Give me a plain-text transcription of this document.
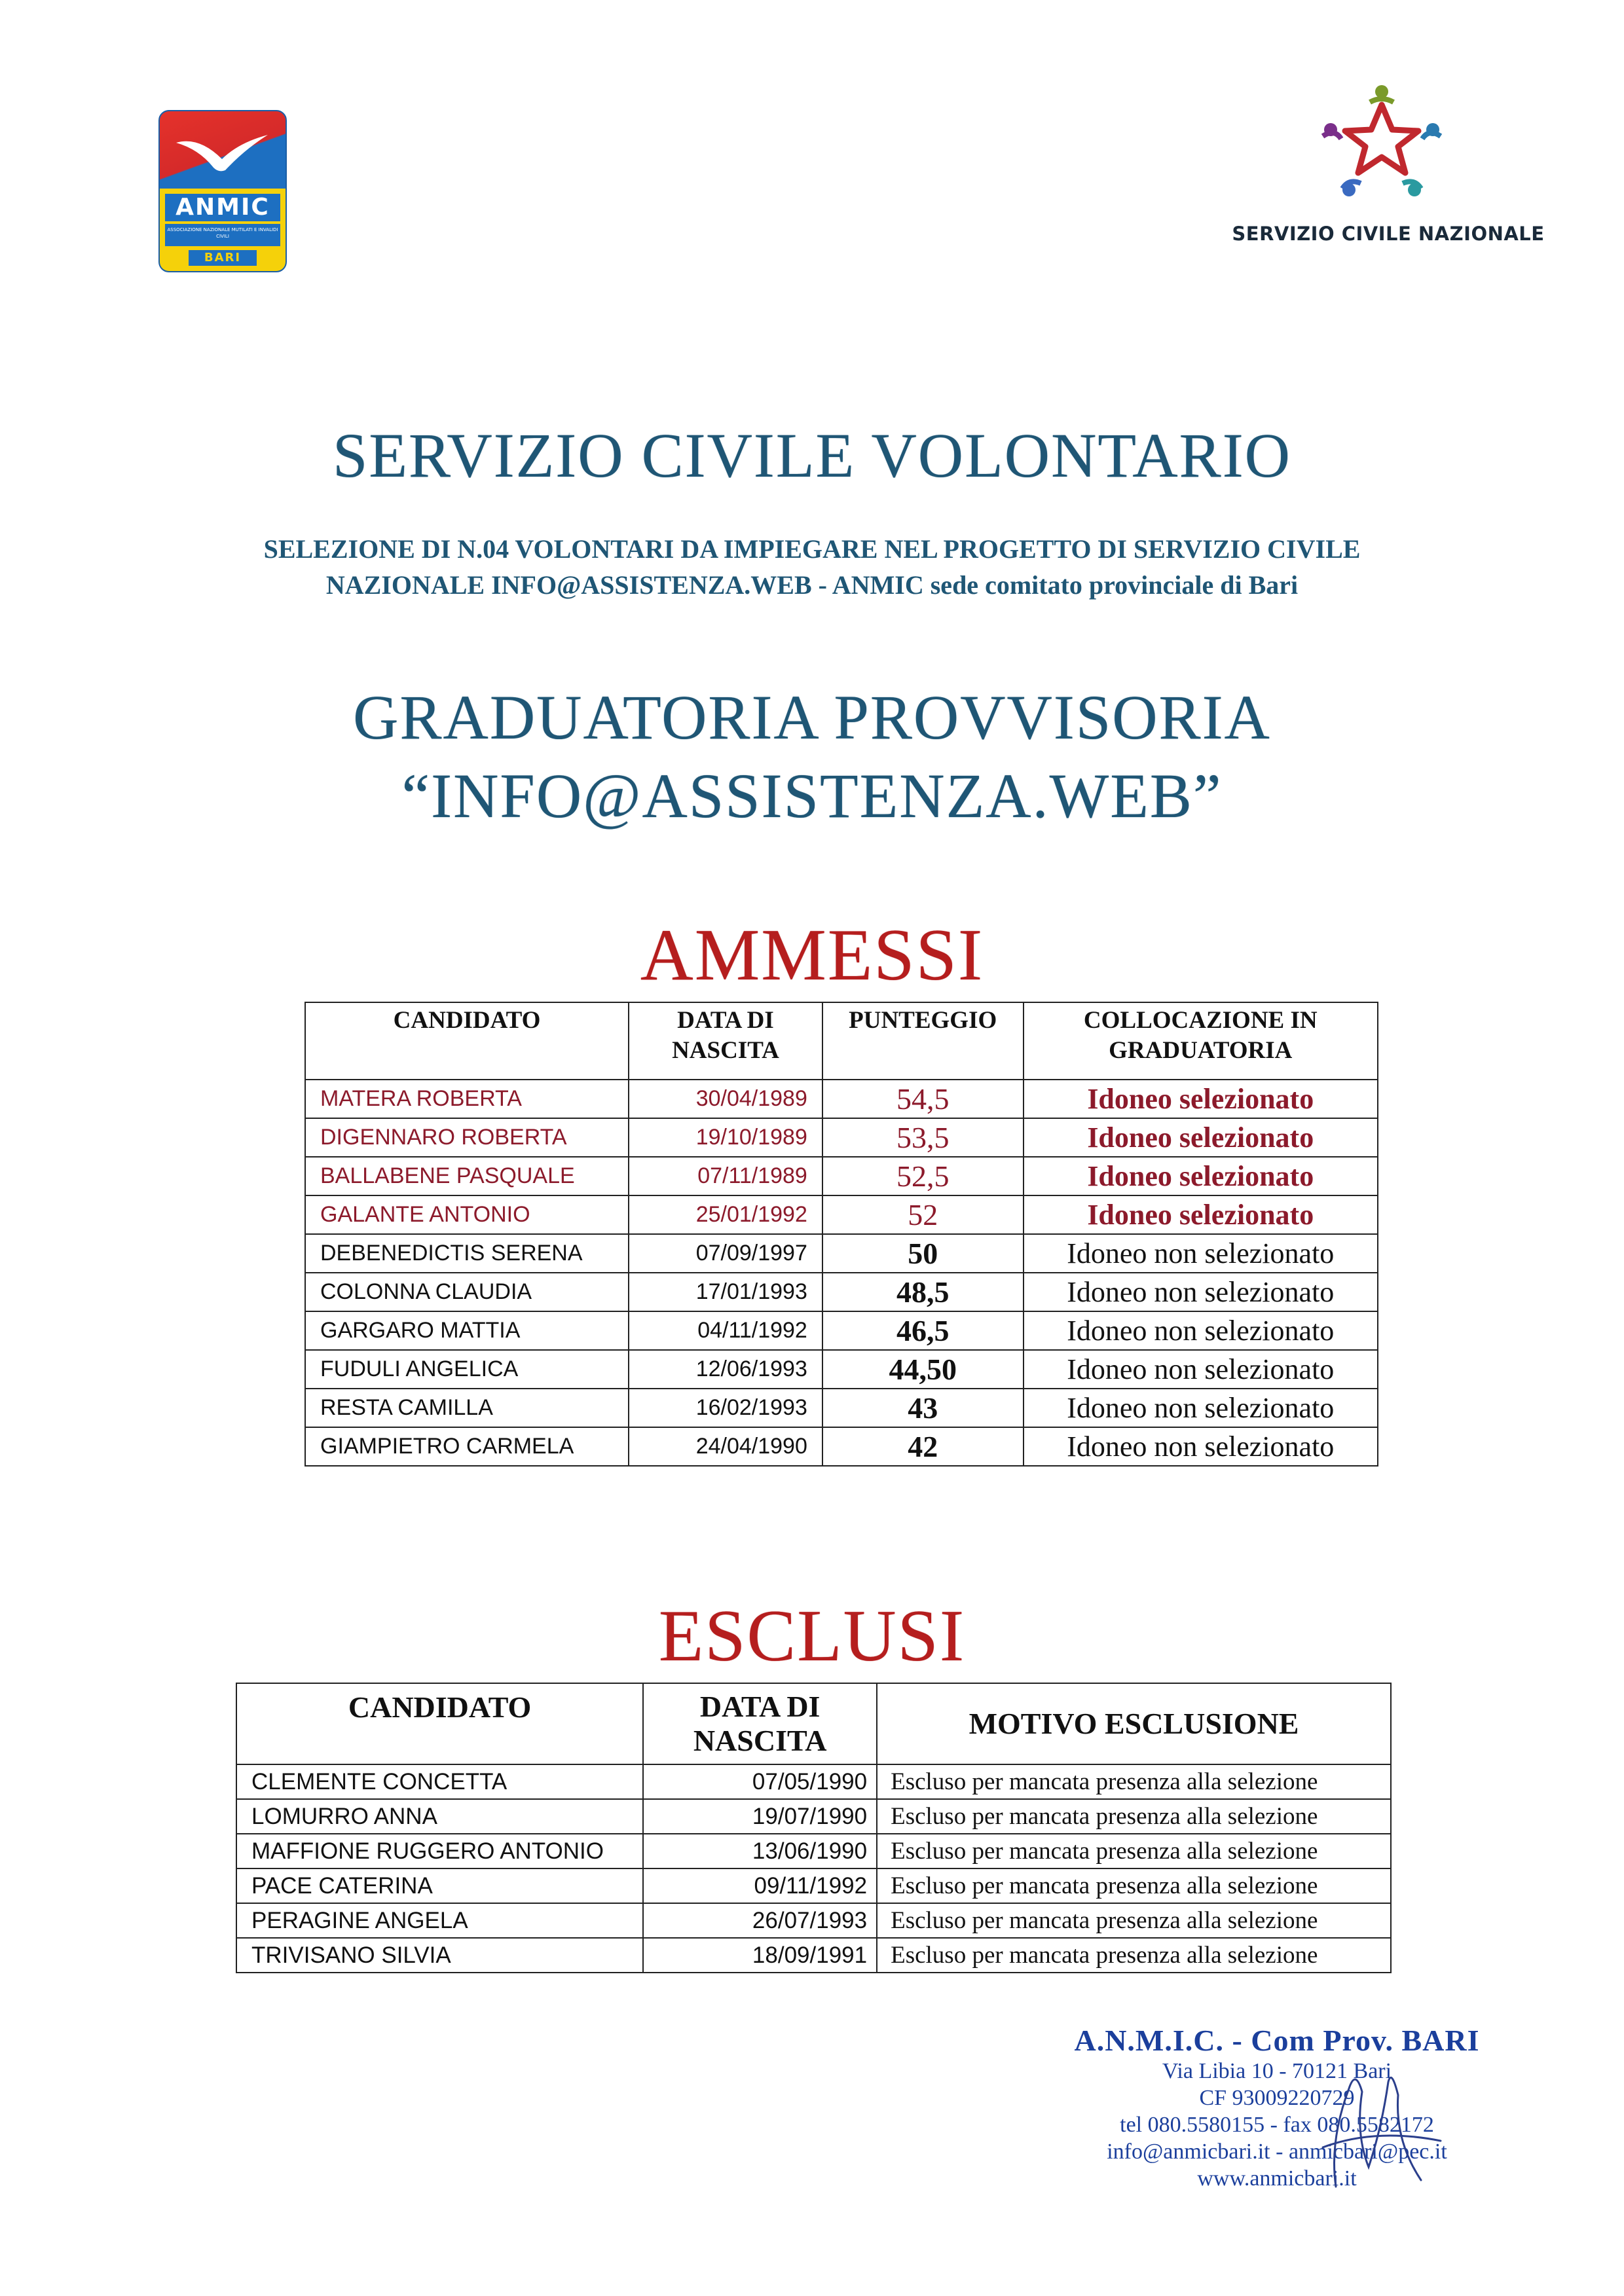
ANMIC
ASSOCIAZIONE NAZIONALE MUTILATI E INVALIDI CIVILI
BARI
SERVIZIO CIVILE NAZIONALE
SERVIZIO CIVILE VOLONTARIO
SELEZIONE DI N.04 VOLONTARI DA IMPIEGARE NEL PROGETTO DI SERVIZIO CIVILE
NAZIONALE INFO@ASSISTENZA.WEB - ANMIC sede comitato provinciale di Bari
GRADUATORIA PROVVISORIA
“INFO@ASSISTENZA.WEB”
AMMESSI
CANDIDATO	DATA DI NASCITA	PUNTEGGIO	COLLOCAZIONE IN GRADUATORIA
MATERA ROBERTA	30/04/1989	54,5	Idoneo selezionato
DIGENNARO ROBERTA	19/10/1989	53,5	Idoneo selezionato
BALLABENE PASQUALE	07/11/1989	52,5	Idoneo selezionato
GALANTE ANTONIO	25/01/1992	52	Idoneo selezionato
DEBENEDICTIS SERENA	07/09/1997	50	Idoneo non selezionato
COLONNA CLAUDIA	17/01/1993	48,5	Idoneo non selezionato
GARGARO MATTIA	04/11/1992	46,5	Idoneo non selezionato
FUDULI ANGELICA	12/06/1993	44,50	Idoneo non selezionato
RESTA CAMILLA	16/02/1993	43	Idoneo non selezionato
GIAMPIETRO CARMELA	24/04/1990	42	Idoneo non selezionato
ESCLUSI
CANDIDATO	DATA DI NASCITA	MOTIVO ESCLUSIONE
CLEMENTE CONCETTA	07/05/1990	Escluso per mancata presenza alla selezione
LOMURRO ANNA	19/07/1990	Escluso per mancata presenza alla selezione
MAFFIONE RUGGERO ANTONIO	13/06/1990	Escluso per mancata presenza alla selezione
PACE CATERINA	09/11/1992	Escluso per mancata presenza alla selezione
PERAGINE ANGELA	26/07/1993	Escluso per mancata presenza alla selezione
TRIVISANO SILVIA	18/09/1991	Escluso per mancata presenza alla selezione
A.N.M.I.C. - Com Prov. BARI
Via Libia 10 - 70121 Bari
CF 93009220729
tel 080.5580155 - fax 080.5582172
info@anmicbari.it - anmicbari@pec.it
www.anmicbari.it
